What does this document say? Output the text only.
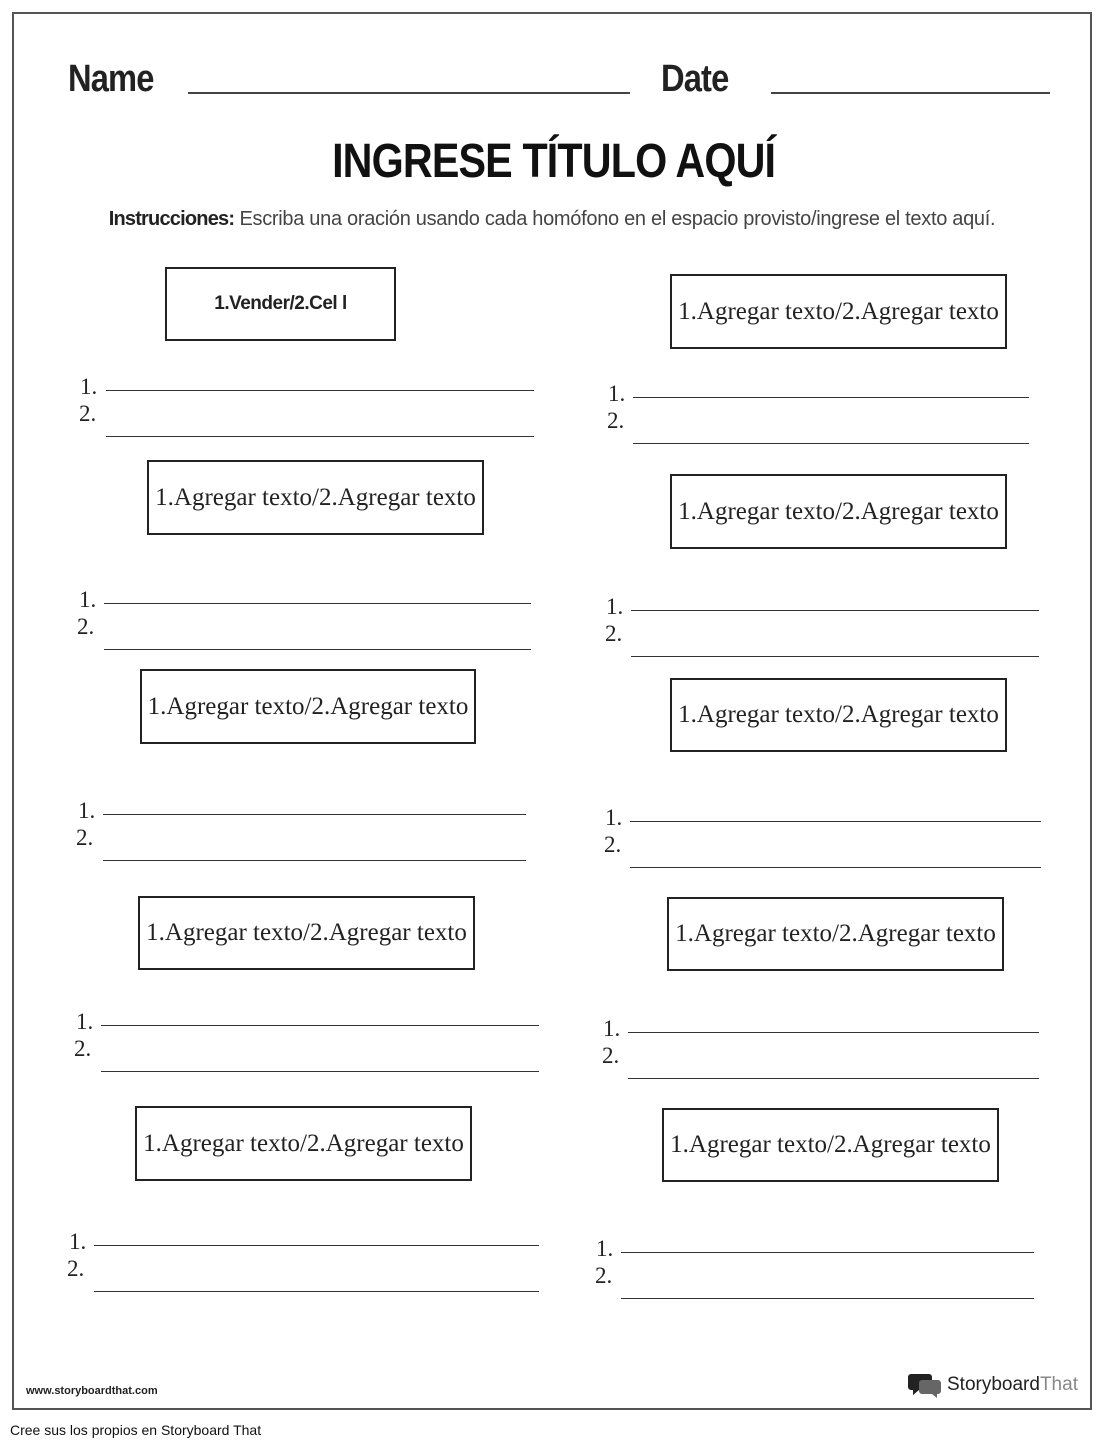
Name	Date
INGRESE TÍTULO AQUÍ
Instrucciones: Escriba una oración usando cada homófono en el espacio provisto/ingrese el texto aquí.
1.Vender/2.Cel l
1.
2.
1.Agregar texto/2.Agregar texto
1.
2.
1.Agregar texto/2.Agregar texto
1.
2.
1.Agregar texto/2.Agregar texto
1.
2.
1.Agregar texto/2.Agregar texto
1.
2.
1.Agregar texto/2.Agregar texto
1.
2.
1.Agregar texto/2.Agregar texto
1.
2.
1.Agregar texto/2.Agregar texto
1.
2.
1.Agregar texto/2.Agregar texto
1.
2.
1.Agregar texto/2.Agregar texto
1.
2.
www.storyboardthat.com	StoryboardThat
Cree sus los propios en Storyboard That
